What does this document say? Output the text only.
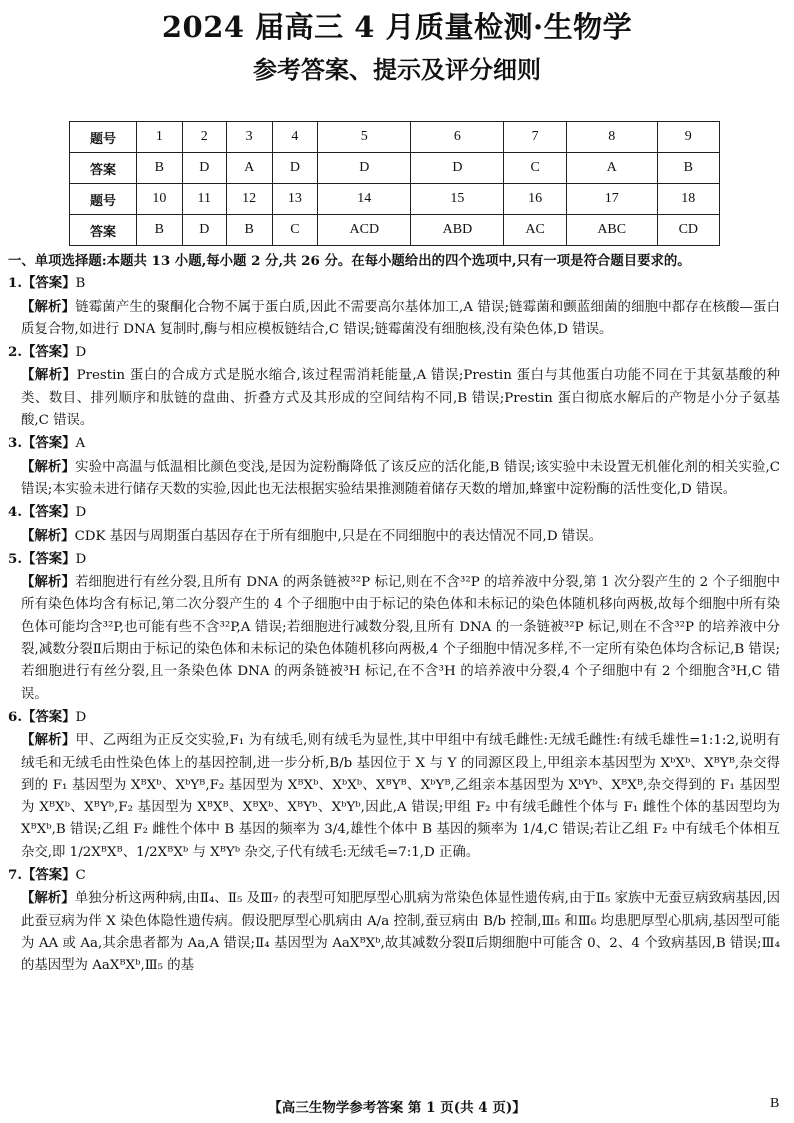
2024 届高三 4 月质量检测·生物学
参考答案、提示及评分细则
题号	1	2	3	4	5	6	7	8	9
答案	B	D	A	D	D	D	C	A	B
题号	10	11	12	13	14	15	16	17	18
答案	B	D	B	C	ACD	ABD	AC	ABC	CD
一、单项选择题:本题共 13 小题,每小题 2 分,共 26 分。在每小题给出的四个选项中,只有一项是符合题目要求的。
1.【答案】B
【解析】链霉菌产生的聚酮化合物不属于蛋白质,因此不需要高尔基体加工,A 错误;链霉菌和颤蓝细菌的细胞中都存在核酸—蛋白质复合物,如进行 DNA 复制时,酶与相应模板链结合,C 错误;链霉菌没有细胞核,没有染色体,D 错误。
2.【答案】D
【解析】Prestin 蛋白的合成方式是脱水缩合,该过程需消耗能量,A 错误;Prestin 蛋白与其他蛋白功能不同在于其氨基酸的种类、数目、排列顺序和肽链的盘曲、折叠方式及其形成的空间结构不同,B 错误;Prestin 蛋白彻底水解后的产物是小分子氨基酸,C 错误。
3.【答案】A
【解析】实验中高温与低温相比颜色变浅,是因为淀粉酶降低了该反应的活化能,B 错误;该实验中未设置无机催化剂的相关实验,C 错误;本实验未进行储存天数的实验,因此也无法根据实验结果推测随着储存天数的增加,蜂蜜中淀粉酶的活性变化,D 错误。
4.【答案】D
【解析】CDK 基因与周期蛋白基因存在于所有细胞中,只是在不同细胞中的表达情况不同,D 错误。
5.【答案】D
【解析】若细胞进行有丝分裂,且所有 DNA 的两条链被³²P 标记,则在不含³²P 的培养液中分裂,第 1 次分裂产生的 2 个子细胞中所有染色体均含有标记,第二次分裂产生的 4 个子细胞中由于标记的染色体和未标记的染色体随机移向两极,故每个细胞中所有染色体可能均含³²P,也可能有些不含³²P,A 错误;若细胞进行减数分裂,且所有 DNA 的一条链被³²P 标记,则在不含³²P 的培养液中分裂,减数分裂Ⅱ后期由于标记的染色体和未标记的染色体随机移向两极,4 个子细胞中情况多样,不一定所有染色体均含标记,B 错误;若细胞进行有丝分裂,且一条染色体 DNA 的两条链被³H 标记,在不含³H 的培养液中分裂,4 个子细胞中有 2 个细胞含³H,C 错误。
6.【答案】D
【解析】甲、乙两组为正反交实验,F₁ 为有绒毛,则有绒毛为显性,其中甲组中有绒毛雌性:无绒毛雌性:有绒毛雄性=1:1:2,说明有绒毛和无绒毛由性染色体上的基因控制,进一步分析,B/b 基因位于 X 与 Y 的同源区段上,甲组亲本基因型为 XᵇXᵇ、XᴮYᴮ,杂交得到的 F₁ 基因型为 XᴮXᵇ、XᵇYᴮ,F₂ 基因型为 XᴮXᵇ、XᵇXᵇ、XᴮYᴮ、XᵇYᴮ,乙组亲本基因型为 XᵇYᵇ、XᴮXᴮ,杂交得到的 F₁ 基因型为 XᴮXᵇ、XᴮYᵇ,F₂ 基因型为 XᴮXᴮ、XᴮXᵇ、XᴮYᵇ、XᵇYᵇ,因此,A 错误;甲组 F₂ 中有绒毛雌性个体与 F₁ 雌性个体的基因型均为 XᴮXᵇ,B 错误;乙组 F₂ 雌性个体中 B 基因的频率为 3/4,雄性个体中 B 基因的频率为 1/4,C 错误;若让乙组 F₂ 中有绒毛个体相互杂交,即 1/2XᴮXᴮ、1/2XᴮXᵇ 与 XᴮYᵇ 杂交,子代有绒毛:无绒毛=7:1,D 正确。
7.【答案】C
【解析】单独分析这两种病,由Ⅱ₄、Ⅱ₅ 及Ⅲ₇ 的表型可知肥厚型心肌病为常染色体显性遗传病,由于Ⅱ₅ 家族中无蚕豆病致病基因,因此蚕豆病为伴 X 染色体隐性遗传病。假设肥厚型心肌病由 A/a 控制,蚕豆病由 B/b 控制,Ⅲ₅ 和Ⅲ₆ 均患肥厚型心肌病,基因型可能为 AA 或 Aa,其余患者都为 Aa,A 错误;Ⅱ₄ 基因型为 AaXᴮXᵇ,故其减数分裂Ⅱ后期细胞中可能含 0、2、4 个致病基因,B 错误;Ⅲ₄ 的基因型为 AaXᴮXᵇ,Ⅲ₅ 的基
【高三生物学参考答案 第 1 页(共 4 页)】	B
